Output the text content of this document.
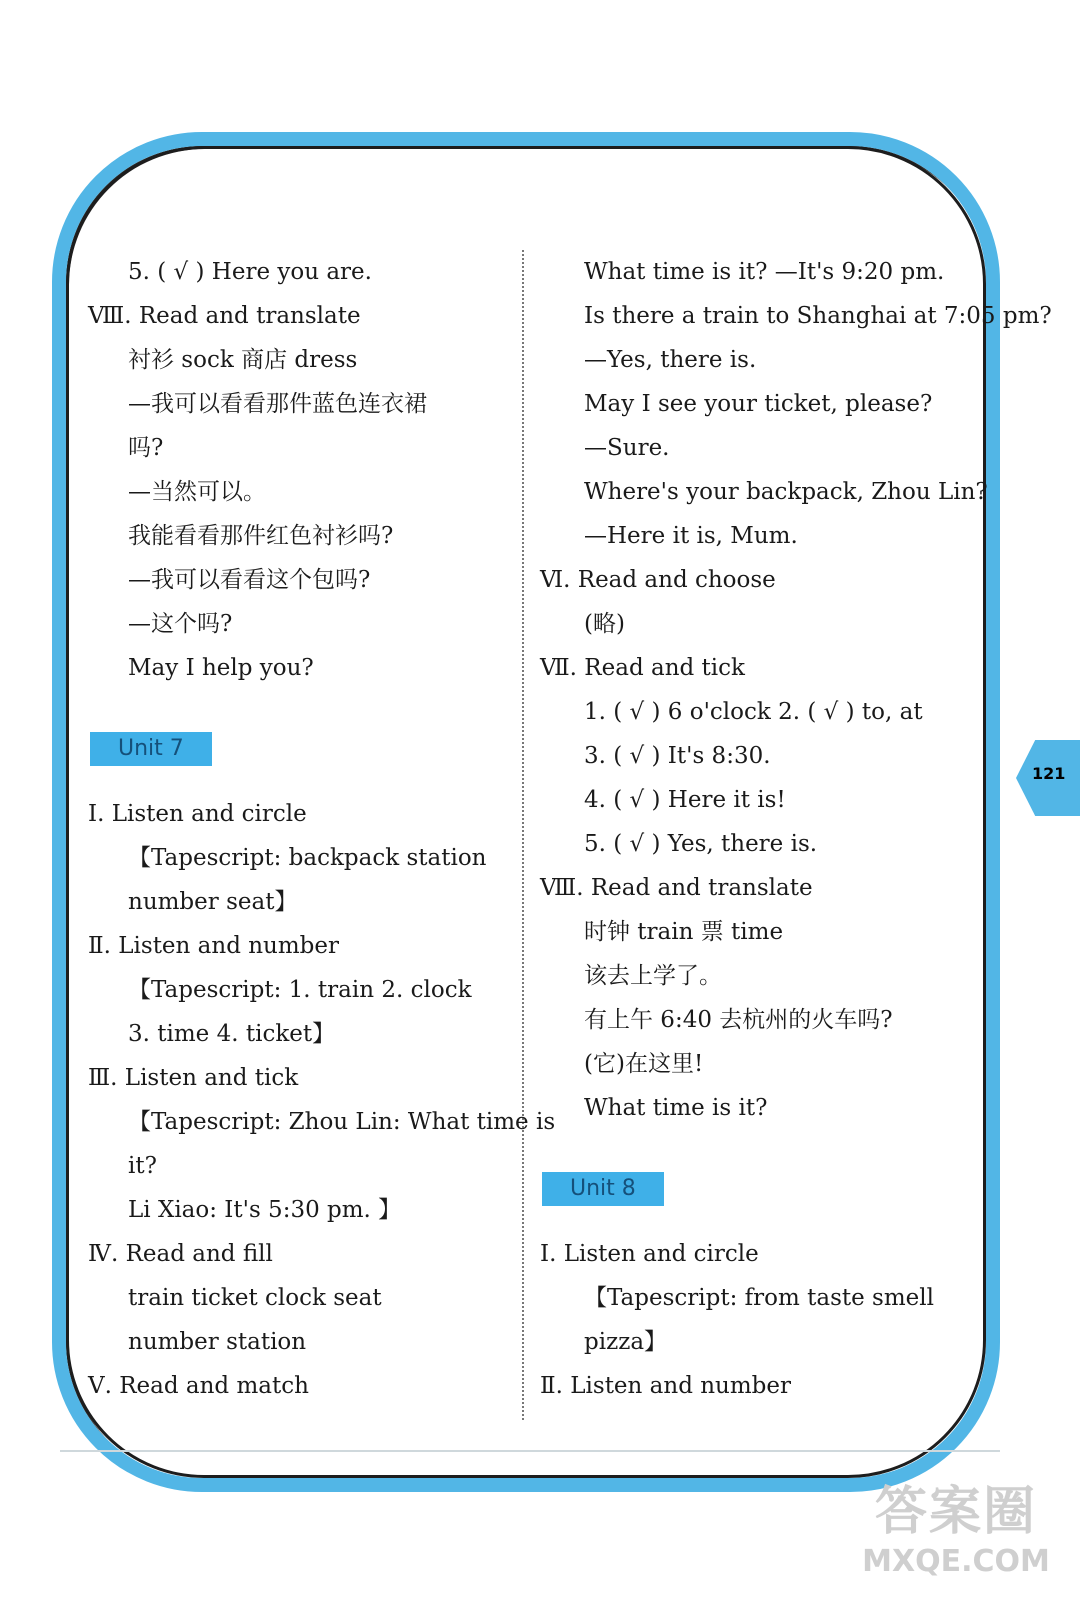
121
5. ( √ ) Here you are.
Ⅷ. Read and translate
衬衫 sock 商店 dress
—我可以看看那件蓝色连衣裙
吗?
—当然可以。
我能看看那件红色衬衫吗?
—我可以看看这个包吗?
—这个吗?
May I help you?
Unit 7
Ⅰ. Listen and circle
【Tapescript: backpack station
number seat】
Ⅱ. Listen and number
【Tapescript: 1. train 2. clock
3. time 4. ticket】
Ⅲ. Listen and tick
【Tapescript: Zhou Lin: What time is
it?
Li Xiao: It's 5:30 pm. 】
Ⅳ. Read and fill
train ticket clock seat
number station
Ⅴ. Read and match
What time is it? —It's 9:20 pm.
Is there a train to Shanghai at 7:05 pm?
—Yes, there is.
May I see your ticket, please?
—Sure.
Where's your backpack, Zhou Lin?
—Here it is, Mum.
Ⅵ. Read and choose
(略)
Ⅶ. Read and tick
1. ( √ ) 6 o'clock 2. ( √ ) to, at
3. ( √ ) It's 8:30.
4. ( √ ) Here it is!
5. ( √ ) Yes, there is.
Ⅷ. Read and translate
时钟 train 票 time
该去上学了。
有上午 6:40 去杭州的火车吗?
(它)在这里!
What time is it?
Unit 8
Ⅰ. Listen and circle
【Tapescript: from taste smell
pizza】
Ⅱ. Listen and number
答案圈
MXQE.COM
